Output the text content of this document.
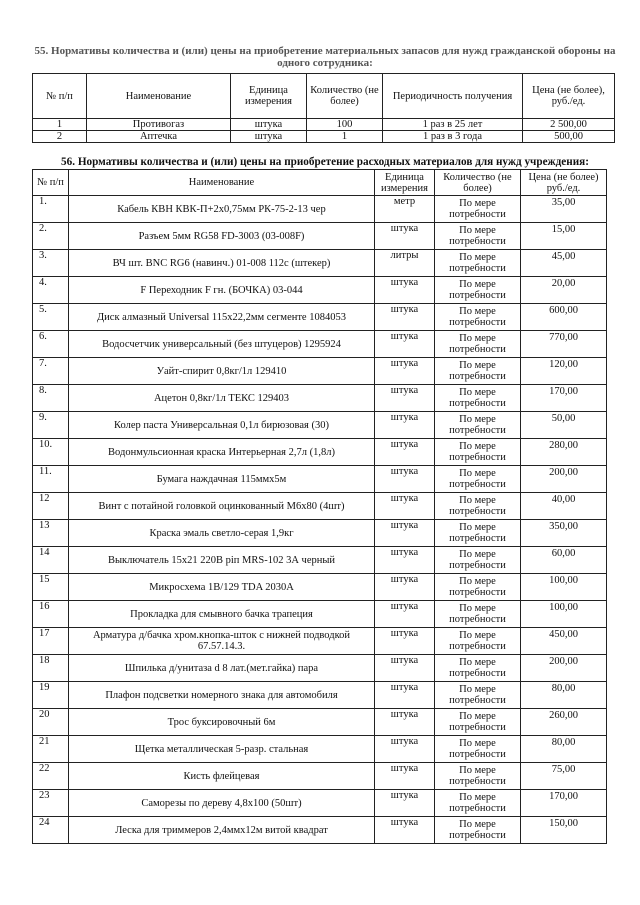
55. Нормативы количества и (или) цены на приобретение материальных запасов для нужд гражданской обороны на одного сотрудника:
№ п/п	Наименование	Единица измерения	Количество (не более)	Периодичность получения	Цена (не более), руб./ед.
1	Противогаз	штука	100	1 раз в 25 лет	2 500,00
2	Аптечка	штука	1	1 раз в 3 года	500,00
56. Нормативы количества и (или) цены на приобретение расходных материалов для нужд учреждения:
№ п/п	Наименование	Единица измерения	Количество (не более)	Цена (не более) руб./ед.
1.	Кабель КВН КВК-П+2х0,75мм РК-75-2-13 чер	метр	По мере потребности	35,00
2.	Разъем 5мм RG58 FD-3003 (03-008F)	штука	По мере потребности	15,00
3.	ВЧ шт. BNC RG6 (навинч.) 01-008 112с (штекер)	литры	По мере потребности	45,00
4.	F Переходник F гн. (БОЧКА) 03-044	штука	По мере потребности	20,00
5.	Диск алмазный Universal 115х22,2мм сегменте 1084053	штука	По мере потребности	600,00
6.	Водосчетчик универсальный (без штуцеров) 1295924	штука	По мере потребности	770,00
7.	Уайт-спирит 0,8кг/1л 129410	штука	По мере потребности	120,00
8.	Ацетон 0,8кг/1л ТЕКС 129403	штука	По мере потребности	170,00
9.	Колер паста Универсальная 0,1л бирюзовая (30)	штука	По мере потребности	50,00
10.	Водонмульсионная краска Интерьерная 2,7л (1,8л)	штука	По мере потребности	280,00
11.	Бумага наждачная 115ммх5м	штука	По мере потребности	200,00
12	Винт с потайной головкой оцинкованный М6х80 (4шт)	штука	По мере потребности	40,00
13	Краска эмаль светло-серая 1,9кг	штука	По мере потребности	350,00
14	Выключатель 15х21 220В ріп MRS-102 3А черный	штука	По мере потребности	60,00
15	Микросхема 1В/129 TDA 2030А	штука	По мере потребности	100,00
16	Прокладка для смывного бачка трапеция	штука	По мере потребности	100,00
17	Арматура д/бачка хром.кнопка-шток с нижней подводкой 67.57.14.3.	штука	По мере потребности	450,00
18	Шпилька д/унитаза d 8 лат.(мет.гайка) пара	штука	По мере потребности	200,00
19	Плафон подсветки номерного знака для автомобиля	штука	По мере потребности	80,00
20	Трос буксировочный 6м	штука	По мере потребности	260,00
21	Щетка металлическая 5-разр. стальная	штука	По мере потребности	80,00
22	Кисть флейцевая	штука	По мере потребности	75,00
23	Саморезы по дереву 4,8х100 (50шт)	штука	По мере потребности	170,00
24	Леска для триммеров 2,4ммх12м витой квадрат	штука	По мере потребности	150,00
